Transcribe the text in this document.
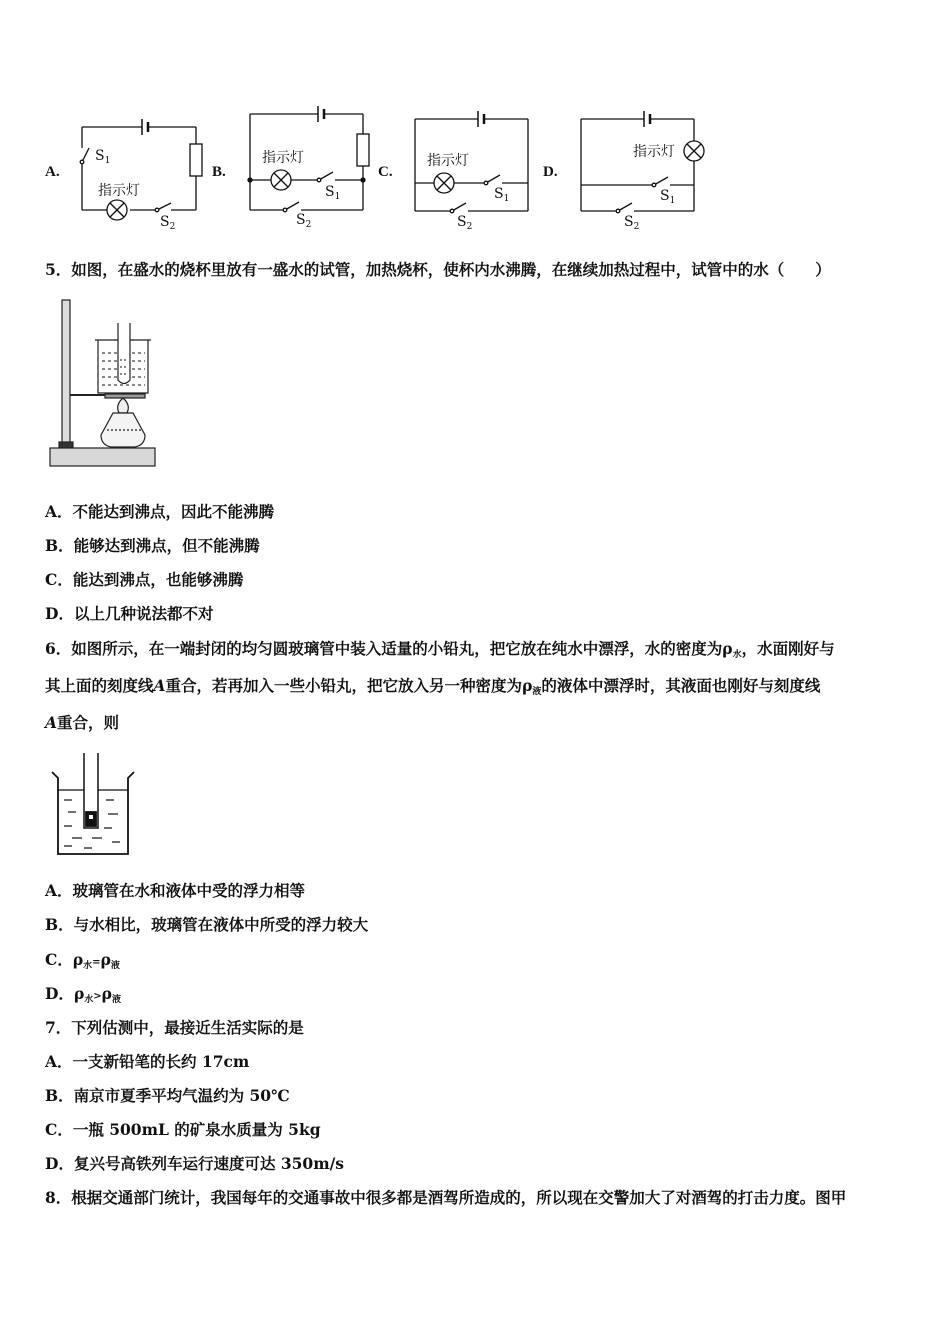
A.
指示灯
$S_1$
$S_2$
B.
指示灯
$S_1$
$S_2$
C.
指示灯
$S_1$
$S_2$
D.
指示灯
$S_1$
$S_2$
5．如图，在盛水的烧杯里放有一盛水的试管，加热烧杯，使杯内水沸腾，在继续加热过程中，试管中的水（　　）
A．不能达到沸点，因此不能沸腾
B．能够达到沸点，但不能沸腾
C．能达到沸点，也能够沸腾
D．以上几种说法都不对
6．如图所示，在一端封闭的均匀圆玻璃管中装入适量的小铅丸，把它放在纯水中漂浮，水的密度为$\rho_水$，水面刚好与
其上面的刻度线A重合，若再加入一些小铅丸，把它放入另一种密度为$\rho_液$的液体中漂浮时，其液面也刚好与刻度线
A重合，则
A．玻璃管在水和液体中受的浮力相等
B．与水相比，玻璃管在液体中所受的浮力较大
C．$\rho_水=\rho_液$
D．$\rho_水>\rho_液$
7．下列估测中，最接近生活实际的是
A．一支新铅笔的长约 17cm
B．南京市夏季平均气温约为 50℃
C．一瓶 500mL 的矿泉水质量为 5kg
D．复兴号高铁列车运行速度可达 350m/s
8．根据交通部门统计，我国每年的交通事故中很多都是酒驾所造成的，所以现在交警加大了对酒驾的打击力度。图甲
